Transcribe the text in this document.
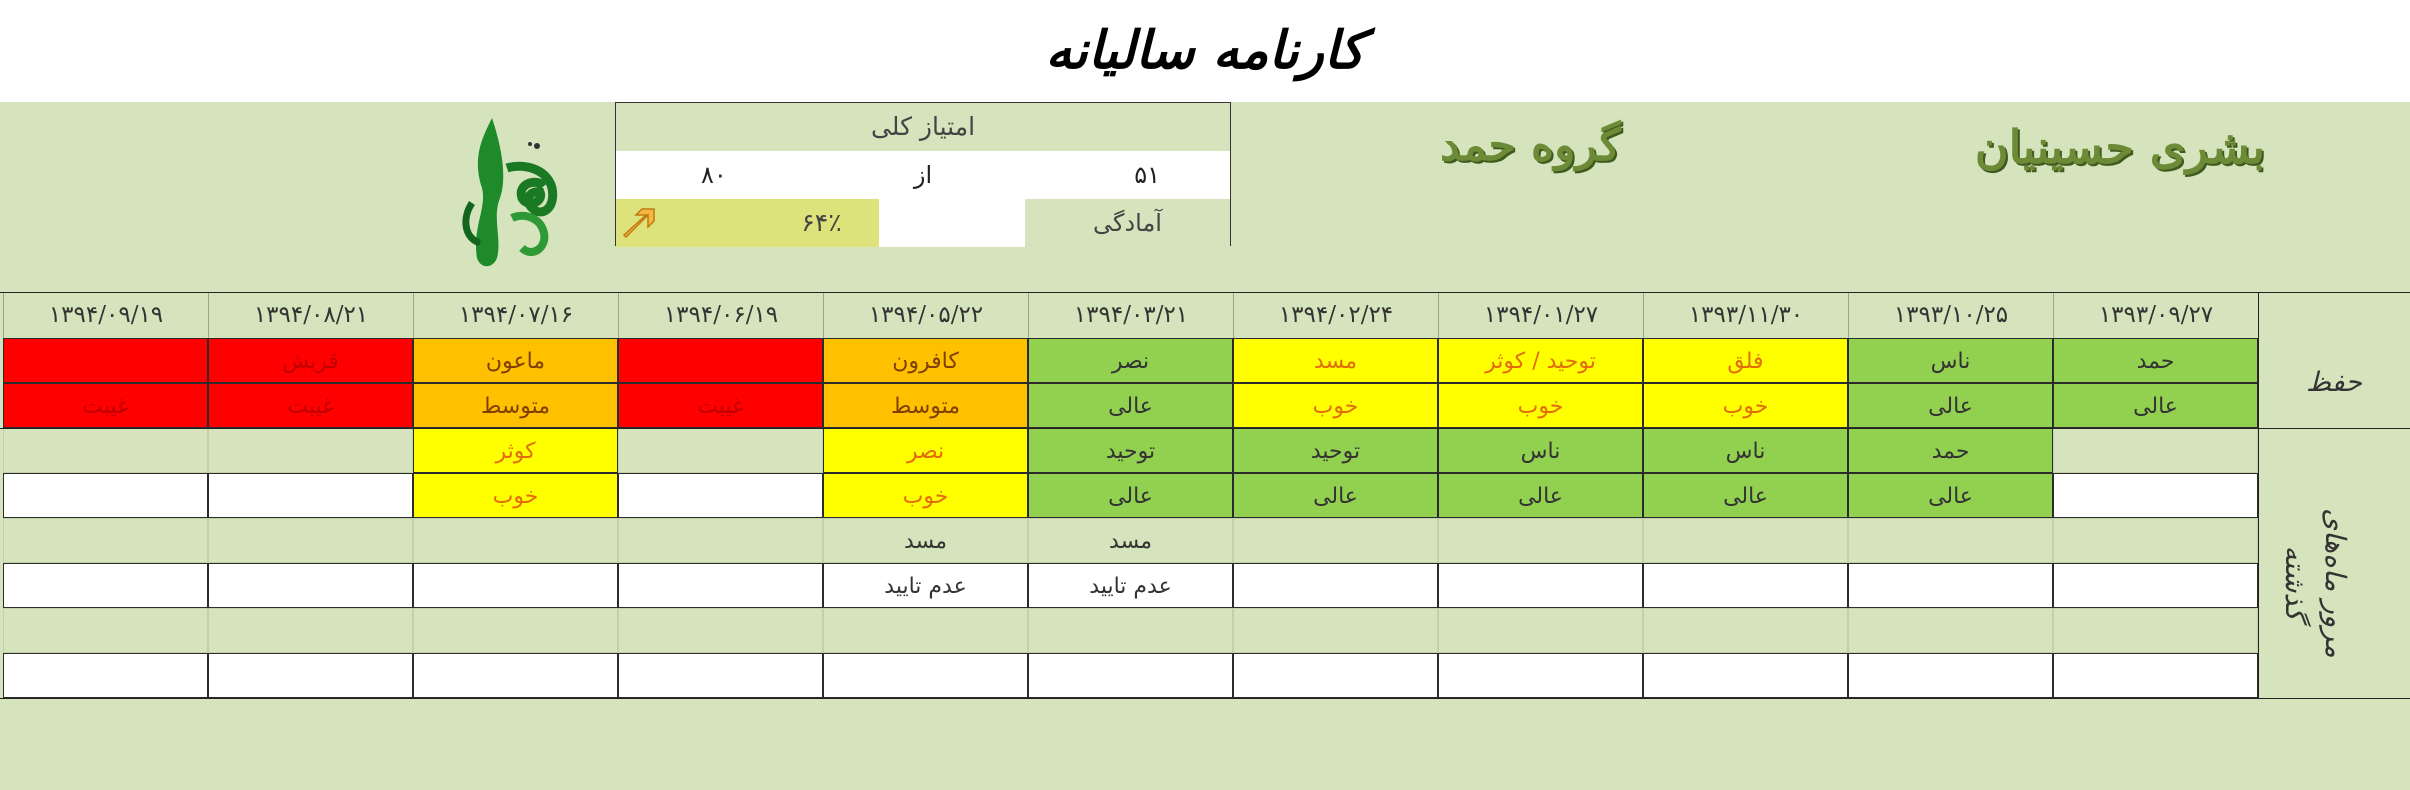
کارنامه سالیانه
بشری حسینیان
گروه حمد
امتیاز کلی
۵۱
از
۸۰
۶۴٪	آمادگی
۱۳۹۳/۰۹/۲۷
۱۳۹۳/۱۰/۲۵
۱۳۹۳/۱۱/۳۰
۱۳۹۴/۰۱/۲۷
۱۳۹۴/۰۲/۲۴
۱۳۹۴/۰۳/۲۱
۱۳۹۴/۰۵/۲۲
۱۳۹۴/۰۶/۱۹
۱۳۹۴/۰۷/۱۶
۱۳۹۴/۰۸/۲۱
۱۳۹۴/۰۹/۱۹
حمد
ناس
فلق
توحید / کوثر
مسد
نصر
کافرون
ماعون
قریش
عالی
عالی
خوب
خوب
خوب
عالی
متوسط
غیبت
متوسط
غیبت
غیبت
حمد
ناس
ناس
توحید
توحید
نصر
کوثر
عالی
عالی
عالی
عالی
عالی
خوب
خوب
مسد
مسد
عدم تایید
عدم تایید
حفظ
مرور ماه‌های گذشته
